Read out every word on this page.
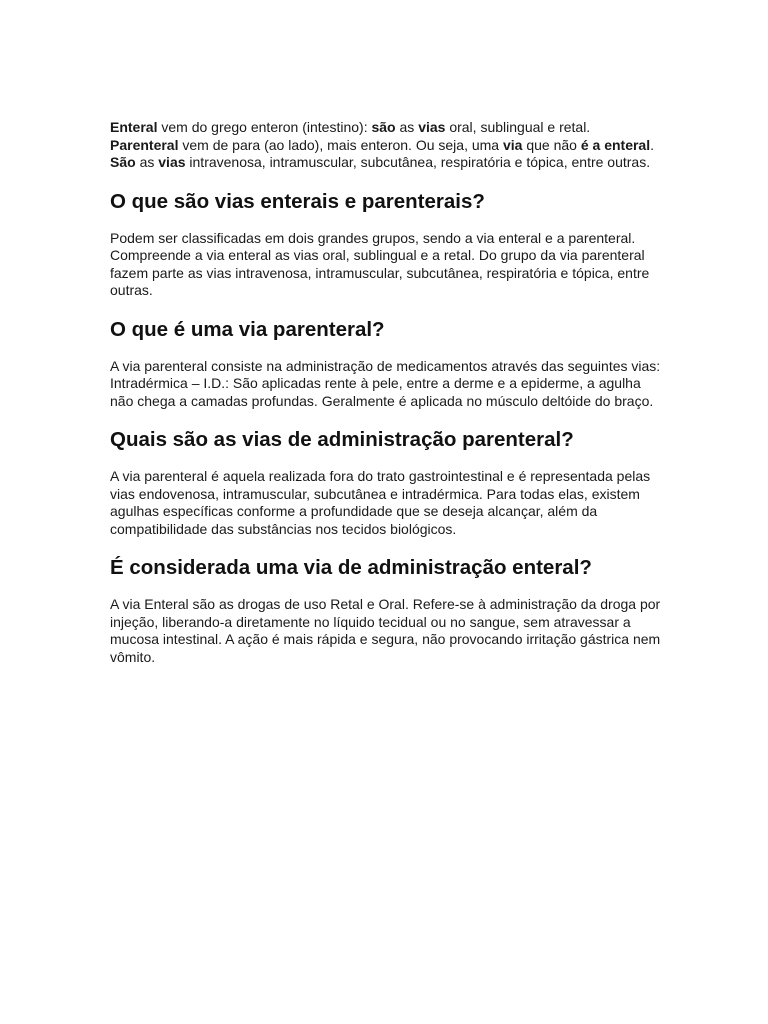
Enteral vem do grego enteron (intestino): são as vias oral, sublingual e retal. Parenteral vem de para (ao lado), mais enteron. Ou seja, uma via que não é a enteral. São as vias intravenosa, intramuscular, subcutânea, respiratória e tópica, entre outras.

O que são vias enterais e parenterais?

Podem ser classificadas em dois grandes grupos, sendo a via enteral e a parenteral. Compreende a via enteral as vias oral, sublingual e a retal. Do grupo da via parenteral fazem parte as vias intravenosa, intramuscular, subcutânea, respiratória e tópica, entre outras.

O que é uma via parenteral?

A via parenteral consiste na administração de medicamentos através das seguintes vias: Intradérmica – I.D.: São aplicadas rente à pele, entre a derme e a epiderme, a agulha não chega a camadas profundas. Geralmente é aplicada no músculo deltóide do braço.

Quais são as vias de administração parenteral?

A via parenteral é aquela realizada fora do trato gastrointestinal e é representada pelas vias endovenosa, intramuscular, subcutânea e intradérmica. Para todas elas, existem agulhas específicas conforme a profundidade que se deseja alcançar, além da compatibilidade das substâncias nos tecidos biológicos.

É considerada uma via de administração enteral?

A via Enteral são as drogas de uso Retal e Oral. Refere-se à administração da droga por injeção, liberando-a diretamente no líquido tecidual ou no sangue, sem atravessar a mucosa intestinal. A ação é mais rápida e segura, não provocando irritação gástrica nem vômito.
